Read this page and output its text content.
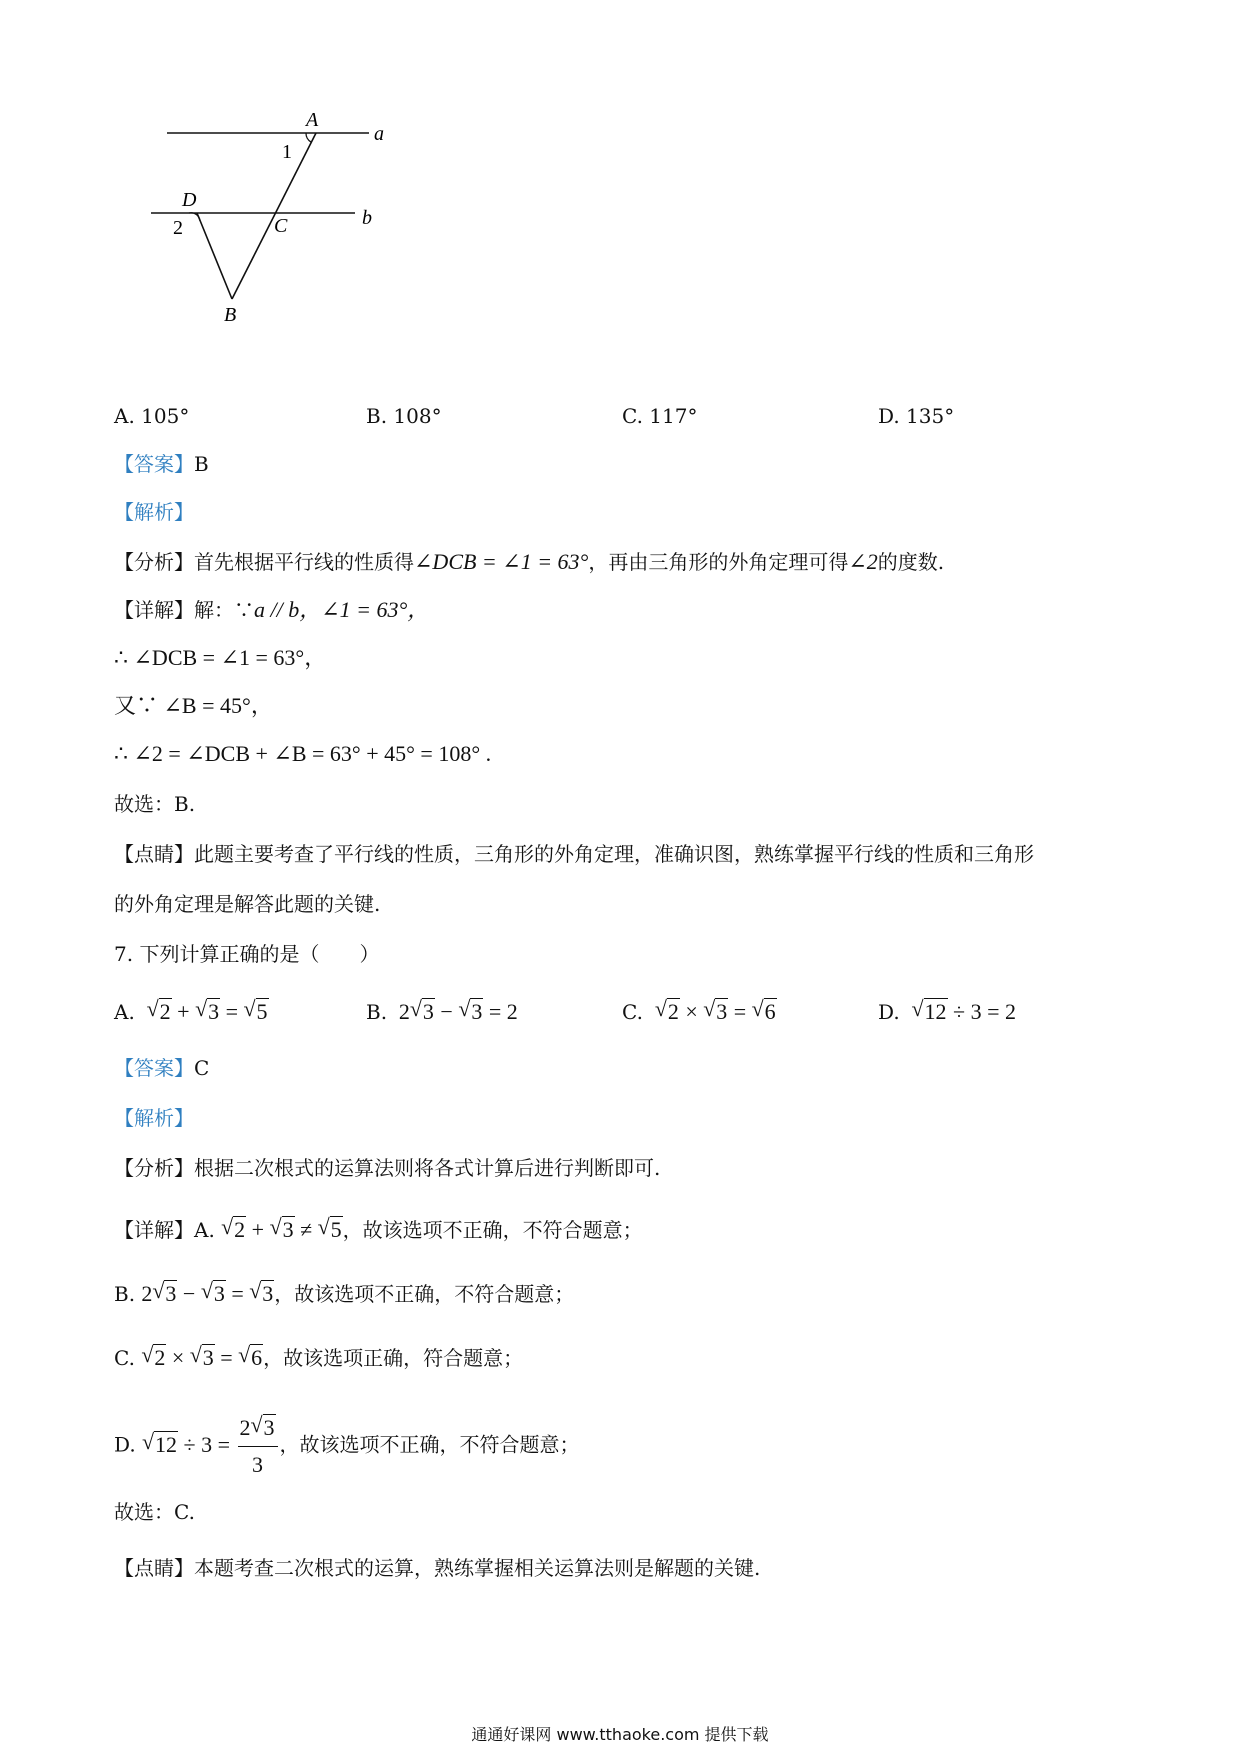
A
a
1
D
2	C	b
B
A. 105°	B. 108°	C. 117°	D. 135°
【答案】B
【解析】
【分析】首先根据平行线的性质得∠DCB = ∠1 = 63°，再由三角形的外角定理可得∠2的度数.
【详解】解：∵a // b，∠1 = 63°，
∴ ∠DCB = ∠1 = 63°，
又∵ ∠B = 45°，
∴ ∠2 = ∠DCB + ∠B = 63° + 45° = 108° .
故选：B.
【点睛】此题主要考查了平行线的性质，三角形的外角定理，准确识图，熟练掌握平行线的性质和三角形
的外角定理是解答此题的关键.
7. 下列计算正确的是（　　）
A. √ 2 + √ 3 = √ 5	B.  2 √ 3 − √ 3 = 2	C. √ 2 × √ 3 = √ 6	D. √ 12 ÷ 3 = 2
【答案】C
【解析】
【分析】根据二次根式的运算法则将各式计算后进行判断即可.
【详解】A. √ 2 + √ 3 ≠ √ 5，故该选项不正确，不符合题意；
B. 2 √ 3 − √ 3 = √ 3，故该选项不正确，不符合题意；
C. √ 2 × √ 3 = √ 6，故该选项正确，符合题意；
D. √ $12 \div 3 = \frac{2 √ 3}{3}$ ，故该选项不正确，不符合题意；
故选：C.
【点睛】本题考查二次根式的运算，熟练掌握相关运算法则是解题的关键.
通通好课网 www.tthaoke.com 提供下载
